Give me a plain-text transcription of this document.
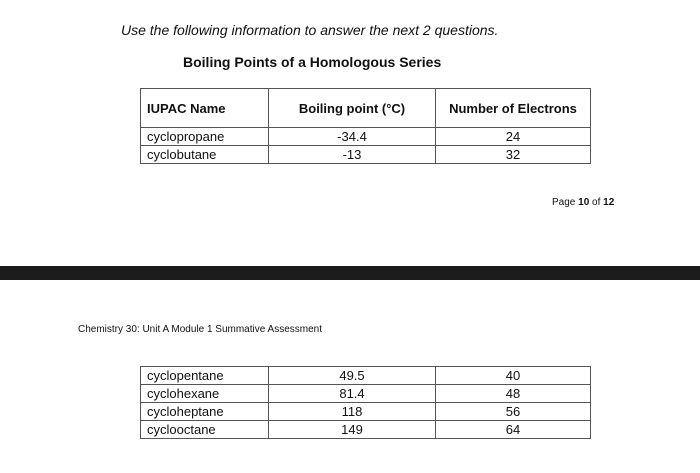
Use the following information to answer the next 2 questions.
Boiling Points of a Homologous Series
IUPAC Name	Boiling point (°C)	Number of Electrons
cyclopropane	-34.4	24
cyclobutane	-13	32
Page 10 of 12
Chemistry 30: Unit A Module 1 Summative Assessment
cyclopentane	49.5	40
cyclohexane	81.4	48
cycloheptane	118	56
cyclooctane	149	64
